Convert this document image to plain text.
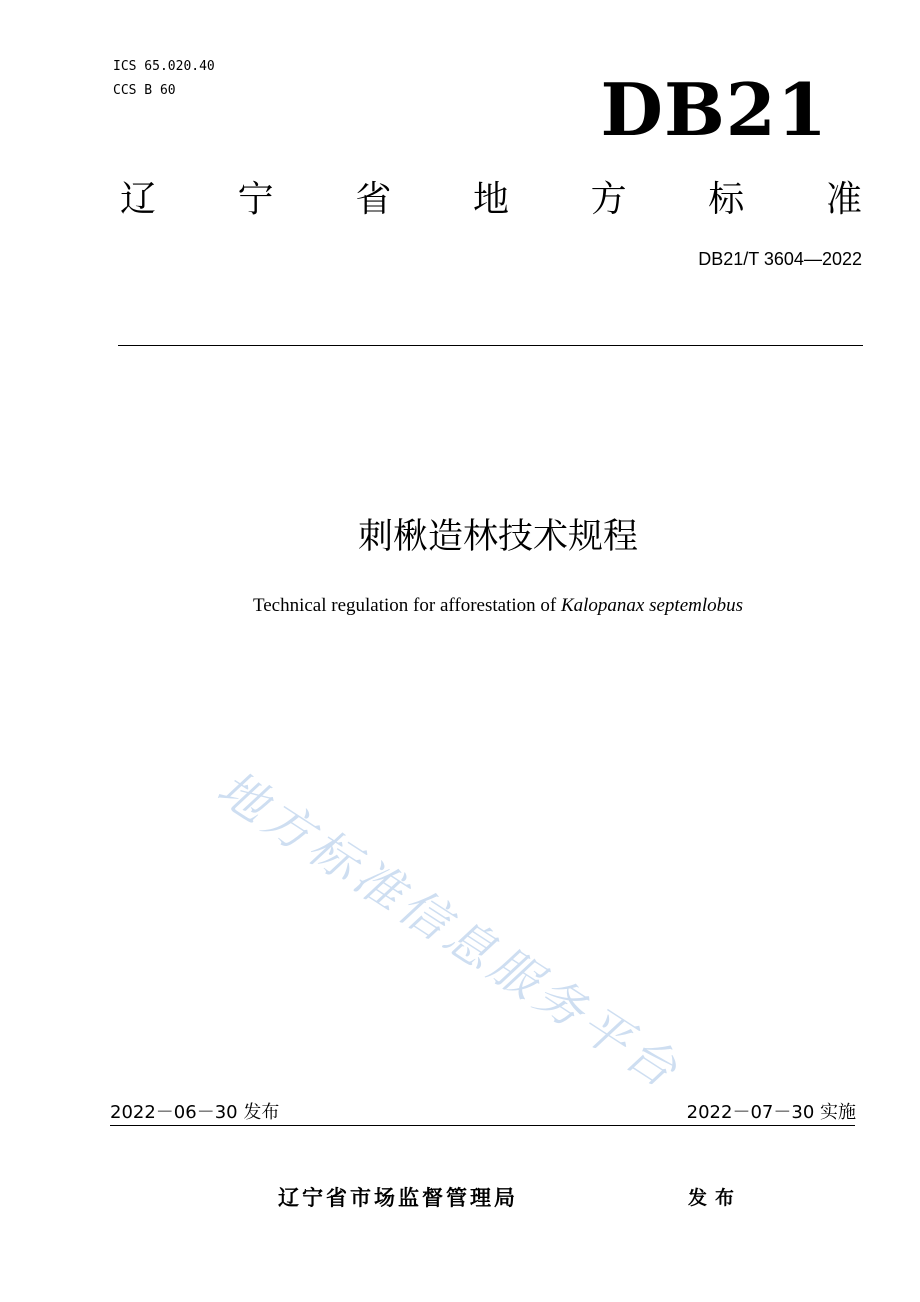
ICS 65.020.40
CCS B 60	DB21
辽 宁 省 地 方 标 准
DB21/T 3604—2022
刺楸造林技术规程
Technical regulation for afforestation of Kalopanax septemlobus
地方标准信息服务平台
2022－06－30 发布	2022－07－30 实施
辽宁省市场监督管理局	发布
